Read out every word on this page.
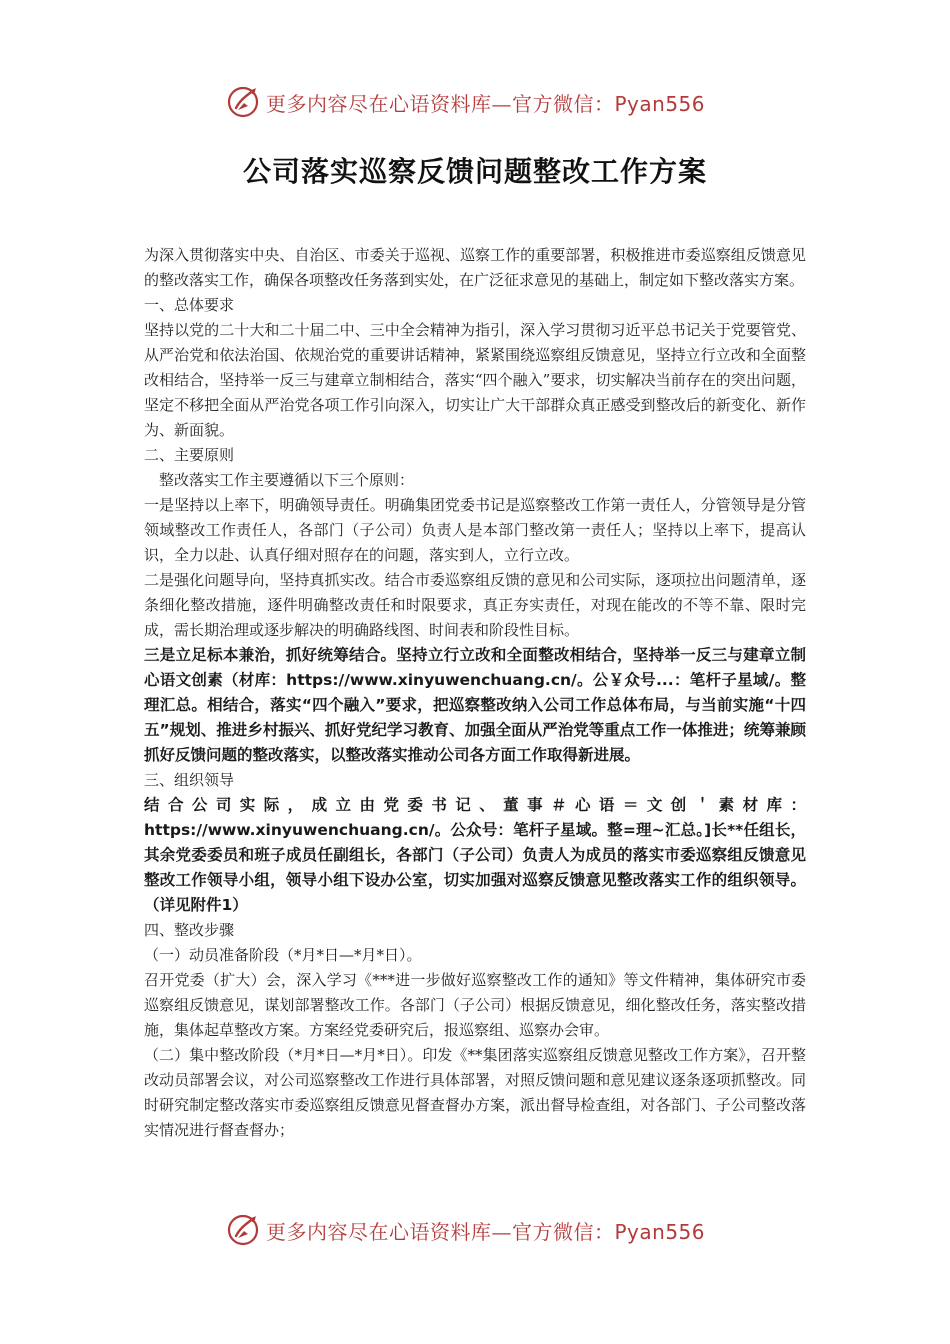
更多内容尽在心语资料库—官方微信：Pyan556
公司落实巡察反馈问题整改工作方案

为深入贯彻落实中央、自治区、市委关于巡视、巡察工作的重要部署，积极推进市委巡察组反馈意见的整改落实工作，确保各项整改任务落到实处，在广泛征求意见的基础上，制定如下整改落实方案。

一、总体要求

坚持以党的二十大和二十届二中、三中全会精神为指引，深入学习贯彻习近平总书记关于党要管党、从严治党和依法治国、依规治党的重要讲话精神，紧紧围绕巡察组反馈意见，坚持立行立改和全面整改相结合，坚持举一反三与建章立制相结合，落实“四个融入”要求，切实解决当前存在的突出问题，坚定不移把全面从严治党各项工作引向深入，切实让广大干部群众真正感受到整改后的新变化、新作为、新面貌。

二、主要原则

整改落实工作主要遵循以下三个原则：

一是坚持以上率下，明确领导责任。明确集团党委书记是巡察整改工作第一责任人，分管领导是分管领域整改工作责任人，各部门（子公司）负责人是本部门整改第一责任人；坚持以上率下，提高认识，全力以赴、认真仔细对照存在的问题，落实到人，立行立改。

二是强化问题导向，坚持真抓实改。结合市委巡察组反馈的意见和公司实际，逐项拉出问题清单，逐条细化整改措施，逐件明确整改责任和时限要求，真正夯实责任，对现在能改的不等不靠、限时完成，需长期治理或逐步解决的明确路线图、时间表和阶段性目标。

三是立足标本兼治，抓好统筹结合。坚持立行立改和全面整改相结合，坚持举一反三与建章立制心语文创素（材库：https://www.xinyuwenchuang.cn/。公￥众号...：笔杆子星域/。整理汇总。相结合，落实“四个融入”要求，把巡察整改纳入公司工作总体布局，与当前实施“十四五”规划、推进乡村振兴、抓好党纪学习教育、加强全面从严治党等重点工作一体推进；统筹兼顾抓好反馈问题的整改落实，以整改落实推动公司各方面工作取得新进展。

三、组织领导

结合公司实际，成立由党委书记、董事＃心语＝文创＇素材库：https://www.xinyuwenchuang.cn/。公众号：笔杆子星域。整=理~汇总。]长**任组长，其余党委委员和班子成员任副组长，各部门（子公司）负责人为成员的落实市委巡察组反馈意见整改工作领导小组，领导小组下设办公室，切实加强对巡察反馈意见整改落实工作的组织领导。（详见附件1）

四、整改步骤

（一）动员准备阶段（*月*日—*月*日）。

召开党委（扩大）会，深入学习《***进一步做好巡察整改工作的通知》等文件精神，集体研究市委巡察组反馈意见，谋划部署整改工作。各部门（子公司）根据反馈意见，细化整改任务，落实整改措施，集体起草整改方案。方案经党委研究后，报巡察组、巡察办会审。

（二）集中整改阶段（*月*日—*月*日）。印发《**集团落实巡察组反馈意见整改工作方案》，召开整改动员部署会议，对公司巡察整改工作进行具体部署，对照反馈问题和意见建议逐条逐项抓整改。同时研究制定整改落实市委巡察组反馈意见督查督办方案，派出督导检查组，对各部门、子公司整改落实情况进行督查督办；

更多内容尽在心语资料库—官方微信：Pyan556
